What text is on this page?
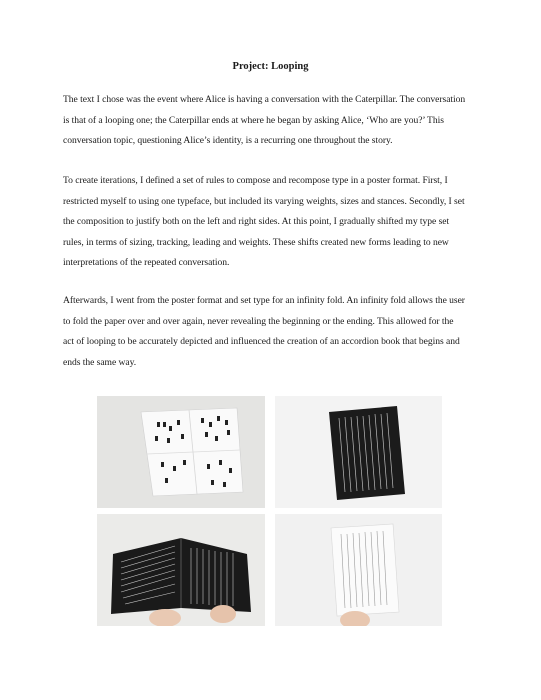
Project: Looping

The text I chose was the event where Alice is having a conversation with the Caterpillar. The conversation
is that of a looping one; the Caterpillar ends at where he began by asking Alice, ‘Who are you?’ This
conversation topic, questioning Alice’s identity, is a recurring one throughout the story.

To create iterations, I defined a set of rules to compose and recompose type in a poster format. First, I
restricted myself to using one typeface, but included its varying weights, sizes and stances. Secondly, I set
the composition to justify both on the left and right sides. At this point, I gradually shifted my type set
rules, in terms of sizing, tracking, leading and weights. These shifts created new forms leading to new
interpretations of the repeated conversation.

Afterwards, I went from the poster format and set type for an infinity fold. An infinity fold allows the user
to fold the paper over and over again, never revealing the beginning or the ending. This allowed for the
act of looping to be accurately depicted and influenced the creation of an accordion book that begins and
ends the same way.
